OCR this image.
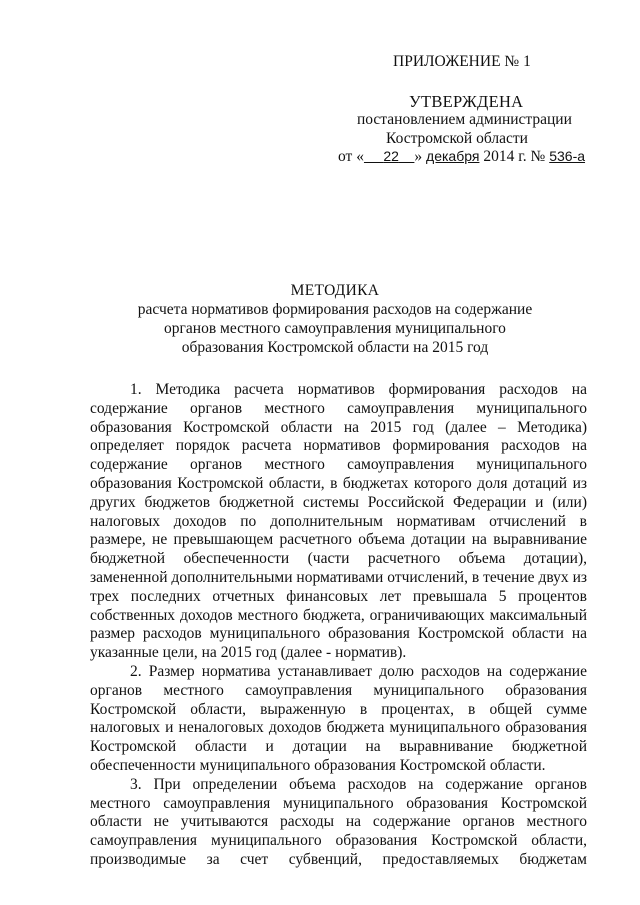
ПРИЛОЖЕНИЕ № 1
УТВЕРЖДЕНА
постановлением администрации
Костромской области
от « 22 » декабря 2014 г. № 536-а
МЕТОДИКА
расчета нормативов формирования расходов на содержание
органов местного самоуправления муниципального
образования Костромской области на 2015 год

1. Методика расчета нормативов формирования расходов на содержание органов местного самоуправления муниципального образования Костромской области на 2015 год (далее – Методика) определяет порядок расчета нормативов формирования расходов на содержание органов местного самоуправления муниципального образования Костромской области, в бюджетах которого доля дотаций из других бюджетов бюджетной системы Российской Федерации и (или) налоговых доходов по дополнительным нормативам отчислений в размере, не превышающем расчетного объема дотации на выравнивание бюджетной обеспеченности (части расчетного объема дотации), замененной дополнительными нормативами отчислений, в течение двух из трех последних отчетных финансовых лет превышала 5 процентов собственных доходов местного бюджета, ограничивающих максимальный размер расходов муниципального образования Костромской области на указанные цели, на 2015 год (далее - норматив).

2. Размер норматива устанавливает долю расходов на содержание органов местного самоуправления муниципального образования Костромской области, выраженную в процентах, в общей сумме налоговых и неналоговых доходов бюджета муниципального образования Костромской области и дотации на выравнивание бюджетной обеспеченности муниципального образования Костромской области.

3. При определении объема расходов на содержание органов местного самоуправления муниципального образования Костромской области не учитываются расходы на содержание органов местного самоуправления муниципального образования Костромской области, производимые за счет субвенций, предоставляемых бюджетам
